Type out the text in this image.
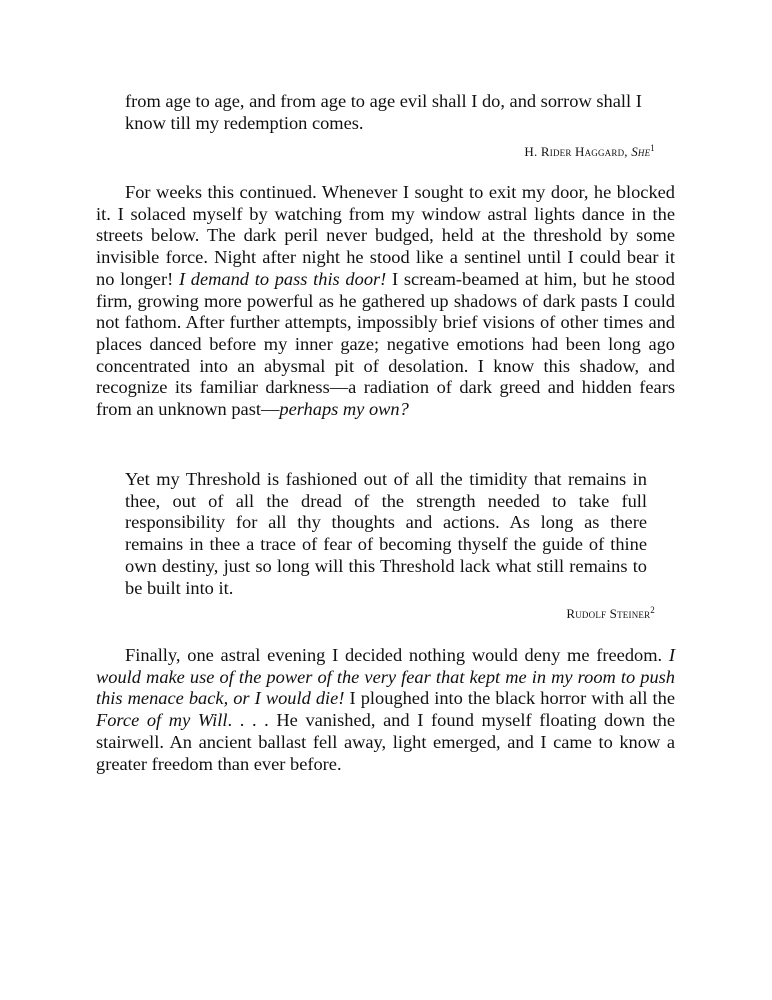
from age to age, and from age to age evil shall I do, and sorrow shall I know till my redemption comes.

H. Rider Haggard, She$^1$

For weeks this continued. Whenever I sought to exit my door, he blocked it. I solaced myself by watching from my window astral lights dance in the streets below. The dark peril never budged, held at the threshold by some invisible force. Night after night he stood like a sentinel until I could bear it no longer! I demand to pass this door! I scream-beamed at him, but he stood firm, growing more powerful as he gathered up shadows of dark pasts I could not fathom. After further attempts, impossibly brief visions of other times and places danced before my inner gaze; negative emotions had been long ago concentrated into an abysmal pit of desolation. I know this shadow, and recognize its familiar darkness—a radiation of dark greed and hidden fears from an unknown past—perhaps my own?

Yet my Threshold is fashioned out of all the timidity that remains in thee, out of all the dread of the strength needed to take full responsibility for all thy thoughts and actions. As long as there remains in thee a trace of fear of becoming thyself the guide of thine own destiny, just so long will this Threshold lack what still remains to be built into it.

Rudolf Steiner$^2$

Finally, one astral evening I decided nothing would deny me freedom. I would make use of the power of the very fear that kept me in my room to push this menace back, or I would die! I ploughed into the black horror with all the Force of my Will. . . . He vanished, and I found myself floating down the stairwell. An ancient ballast fell away, light emerged, and I came to know a greater freedom than ever before.
